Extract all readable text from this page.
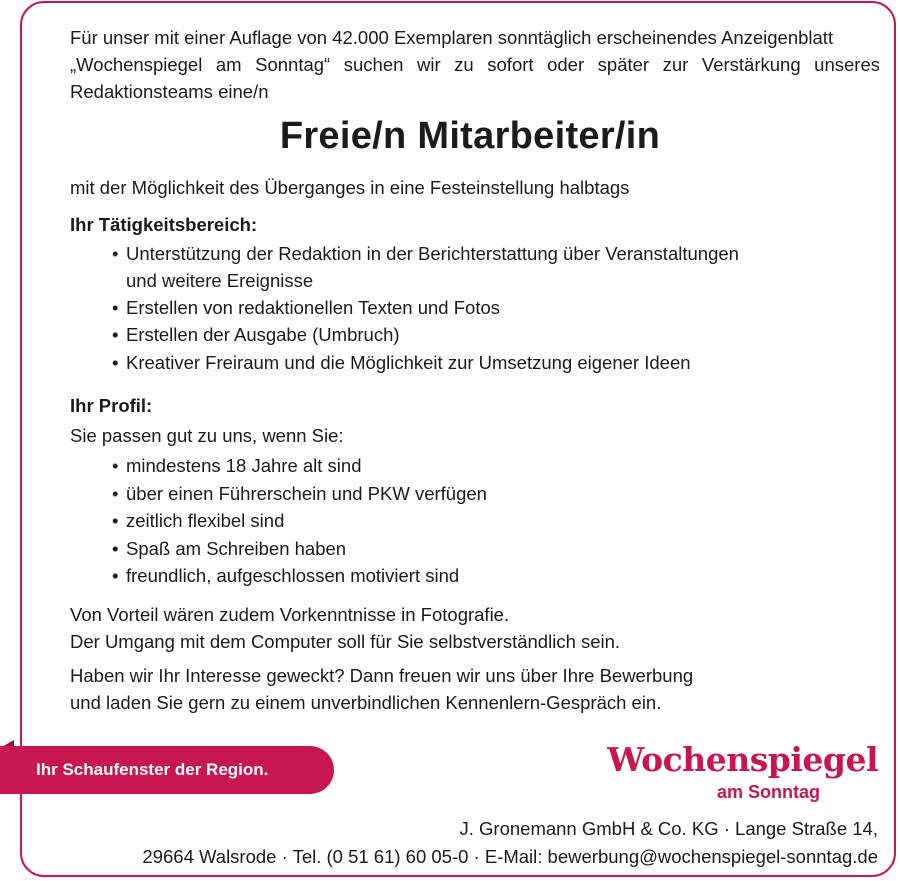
Für unser mit einer Auflage von 42.000 Exemplaren sonntäglich erscheinendes Anzeigenblatt

„Wochenspiegel am Sonntag“ suchen wir zu sofort oder später zur Verstärkung unseres

Redaktionsteams eine/n

Freie/n Mitarbeiter/in
mit der Möglichkeit des Überganges in eine Festeinstellung halbtags
Ihr Tätigkeitsbereich:
• Unterstützung der Redaktion in der Berichterstattung über Veranstaltungen
und weitere Ereignisse
• Erstellen von redaktionellen Texten und Fotos
• Erstellen der Ausgabe (Umbruch)
• Kreativer Freiraum und die Möglichkeit zur Umsetzung eigener Ideen
Ihr Profil:
Sie passen gut zu uns, wenn Sie:
• mindestens 18 Jahre alt sind
• über einen Führerschein und PKW verfügen
• zeitlich flexibel sind
• Spaß am Schreiben haben
• freundlich, aufgeschlossen motiviert sind
Von Vorteil wären zudem Vorkenntnisse in Fotografie.
Der Umgang mit dem Computer soll für Sie selbstverständlich sein.
Haben wir Ihr Interesse geweckt? Dann freuen wir uns über Ihre Bewerbung
und laden Sie gern zu einem unverbindlichen Kennenlern-Gespräch ein.
Ihr Schaufenster der Region.	Wochenspiegel
am Sonntag
J. Gronemann GmbH & Co. KG · Lange Straße 14,
29664 Walsrode · Tel. (0 51 61) 60 05-0 · E-Mail: bewerbung@wochenspiegel-sonntag.de
